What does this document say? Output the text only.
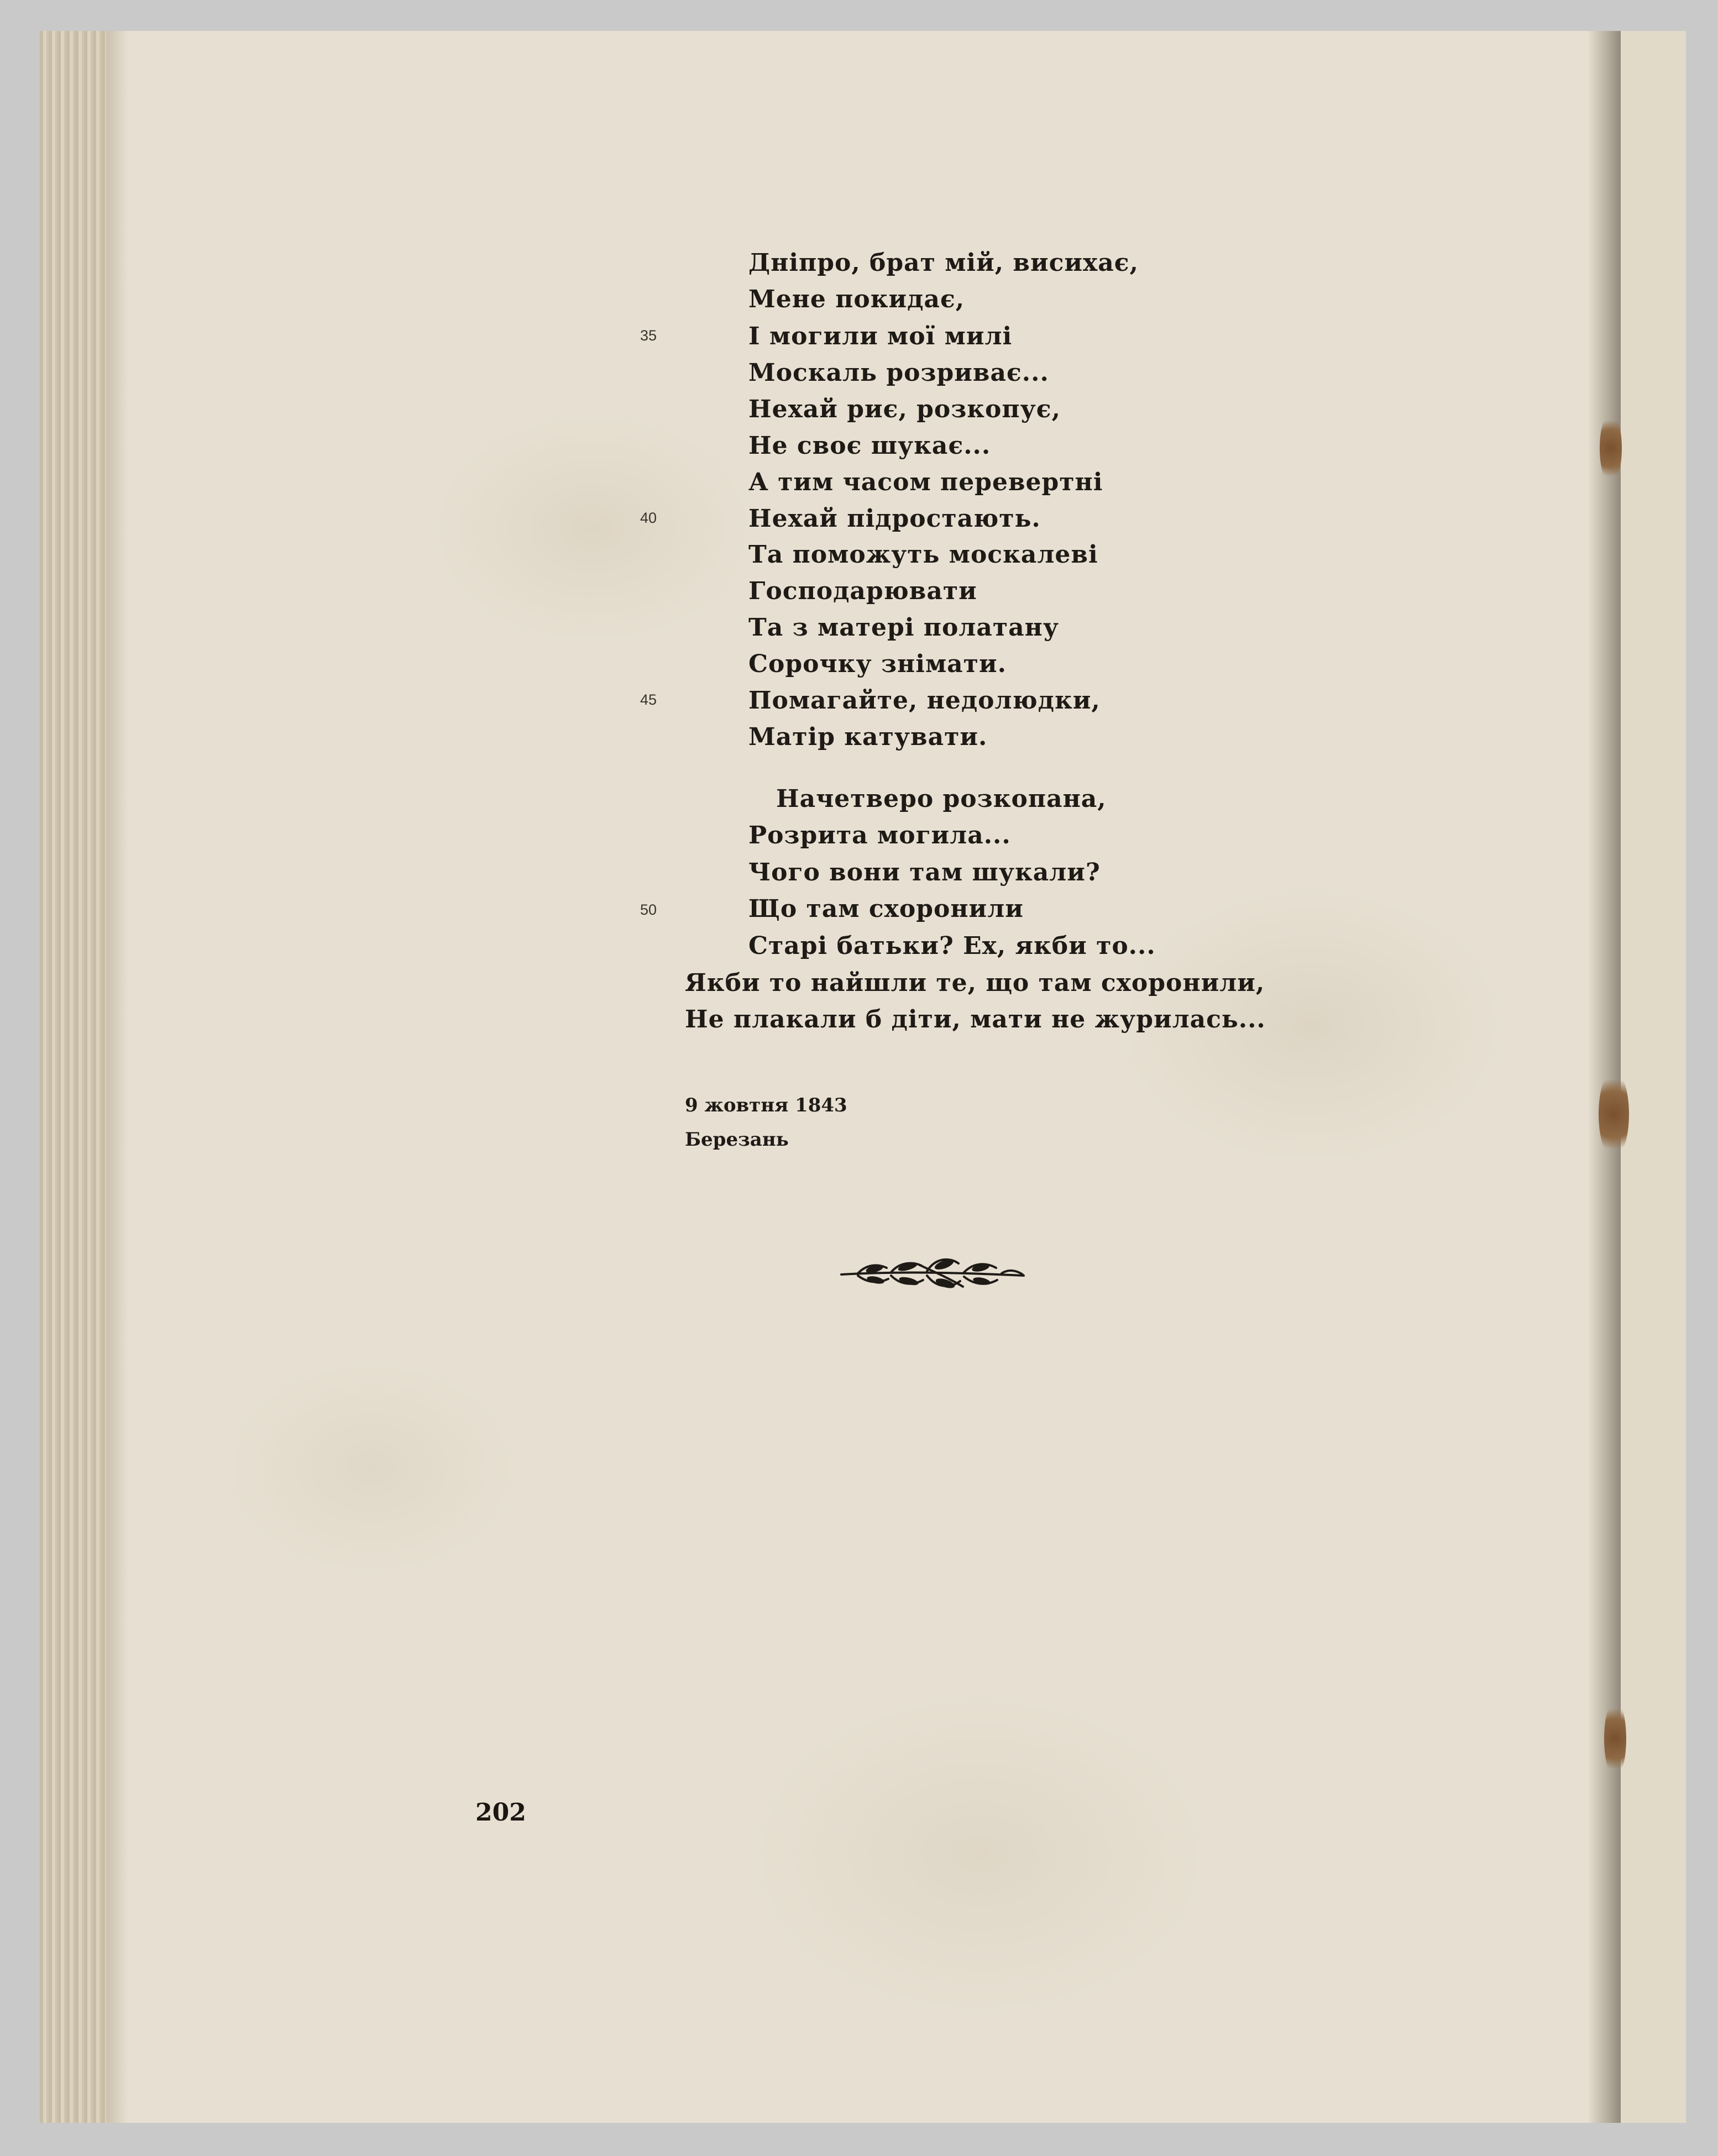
Дніпро, брат мій, висихає,
Мене покидає,
І могили мої милі
Москаль розриває...
Нехай риє, розкопує,
Не своє шукає...
А тим часом перевертні
Нехай підростають.
Та поможуть москалеві
Господарювати
Та з матері полатану
Сорочку знімати.
Помагайте, недолюдки,
Матір катувати.
Начетверо розкопана,
Розрита могила...
Чого вони там шукали?
Що там схоронили
Старі батьки? Ех, якби то...
Якби то найшли те, що там схоронили,
Не плакали б діти, мати не журилась...
35
40
45
50
9 жовтня 1843
Березань
202
